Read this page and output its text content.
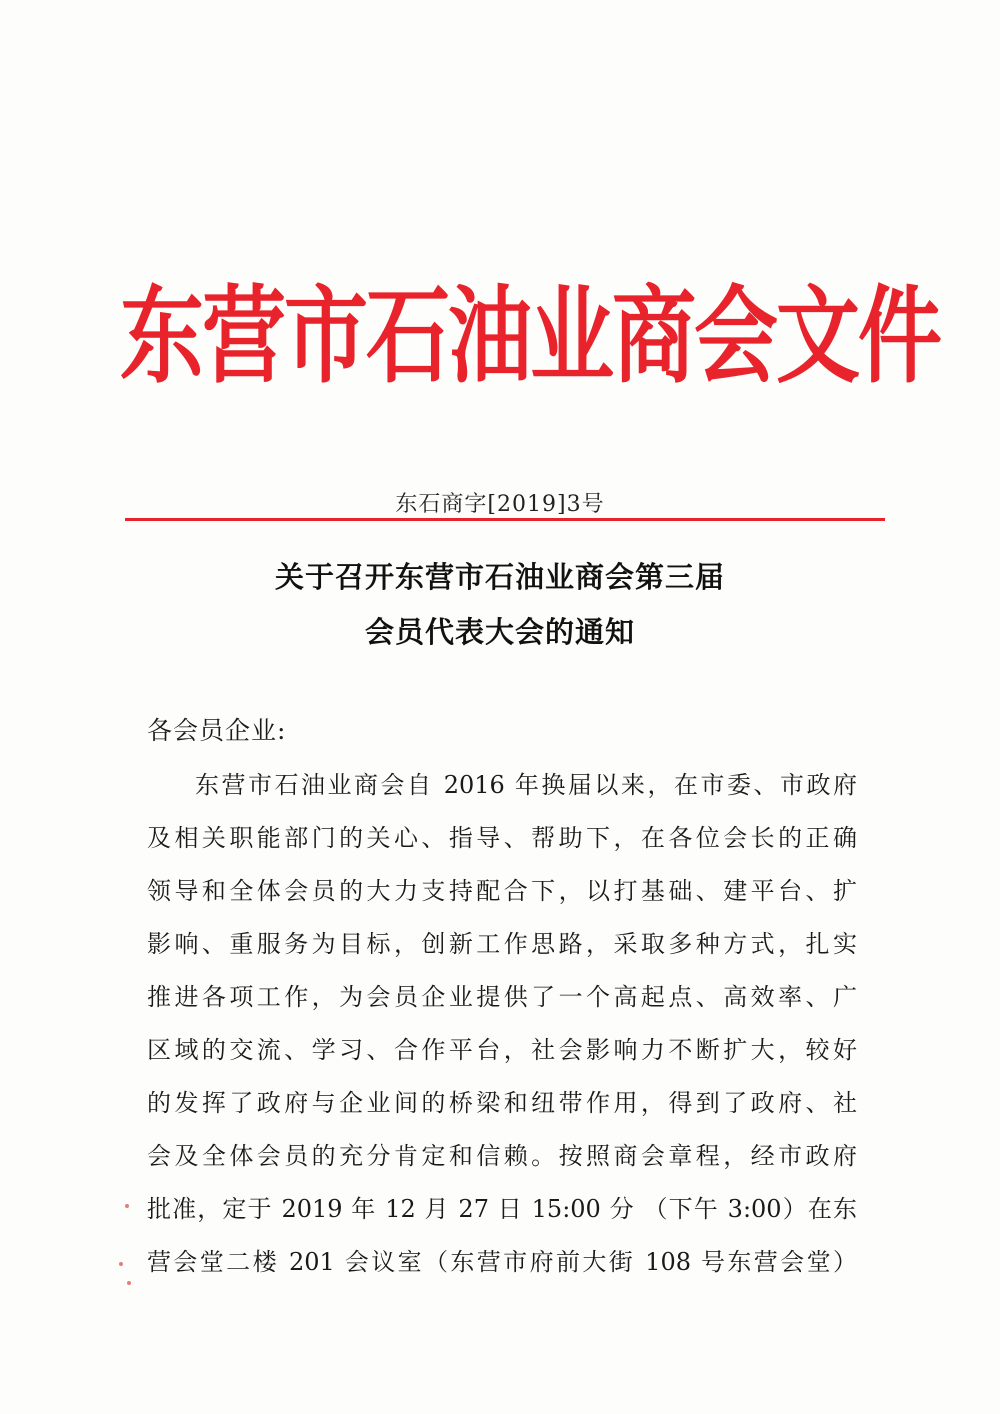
东营市石油业商会文件
东石商字[2019]3号
关于召开东营市石油业商会第三届
会员代表大会的通知
各会员企业:
东营市石油业商会自 2016 年换届以来，在市委、市政府
及相关职能部门的关心、指导、帮助下，在各位会长的正确
领导和全体会员的大力支持配合下，以打基础、建平台、扩
影响、重服务为目标，创新工作思路，采取多种方式，扎实
推进各项工作，为会员企业提供了一个高起点、高效率、广
区域的交流、学习、合作平台，社会影响力不断扩大，较好
的发挥了政府与企业间的桥梁和纽带作用，得到了政府、社
会及全体会员的充分肯定和信赖。按照商会章程，经市政府
批准，定于 2019 年 12 月 27 日 15:00 分 （下午 3:00）在东
营会堂二楼 201 会议室（东营市府前大街 108 号东营会堂）
